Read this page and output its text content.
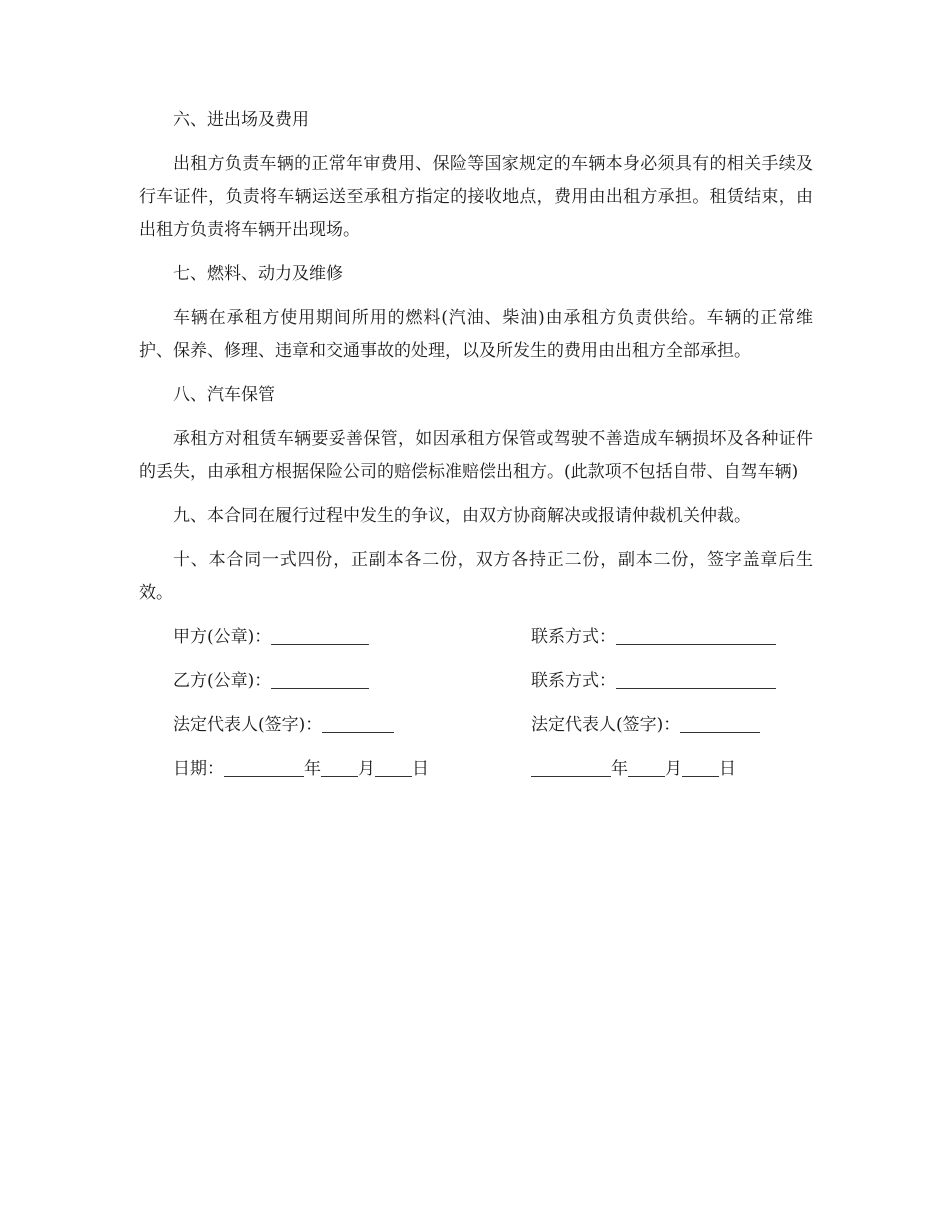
六、进出场及费用

出租方负责车辆的正常年审费用、保险等国家规定的车辆本身必须具有的相关手续及行车证件，负责将车辆运送至承租方指定的接收地点，费用由出租方承担。租赁结束，由出租方负责将车辆开出现场。

七、燃料、动力及维修

车辆在承租方使用期间所用的燃料(汽油、柴油)由承租方负责供给。车辆的正常维护、保养、修理、违章和交通事故的处理，以及所发生的费用由出租方全部承担。

八、汽车保管

承租方对租赁车辆要妥善保管，如因承租方保管或驾驶不善造成车辆损坏及各种证件的丢失，由承租方根据保险公司的赔偿标准赔偿出租方。(此款项不包括自带、自驾车辆)

九、本合同在履行过程中发生的争议，由双方协商解决或报请仲裁机关仲裁。

十、本合同一式四份，正副本各二份，双方各持正二份，副本二份，签字盖章后生效。

甲方(公章)：	联系方式：
乙方(公章)：	联系方式：
法定代表人(签字)：	法定代表人(签字)：
日期：	年 月 日	年 月 日
